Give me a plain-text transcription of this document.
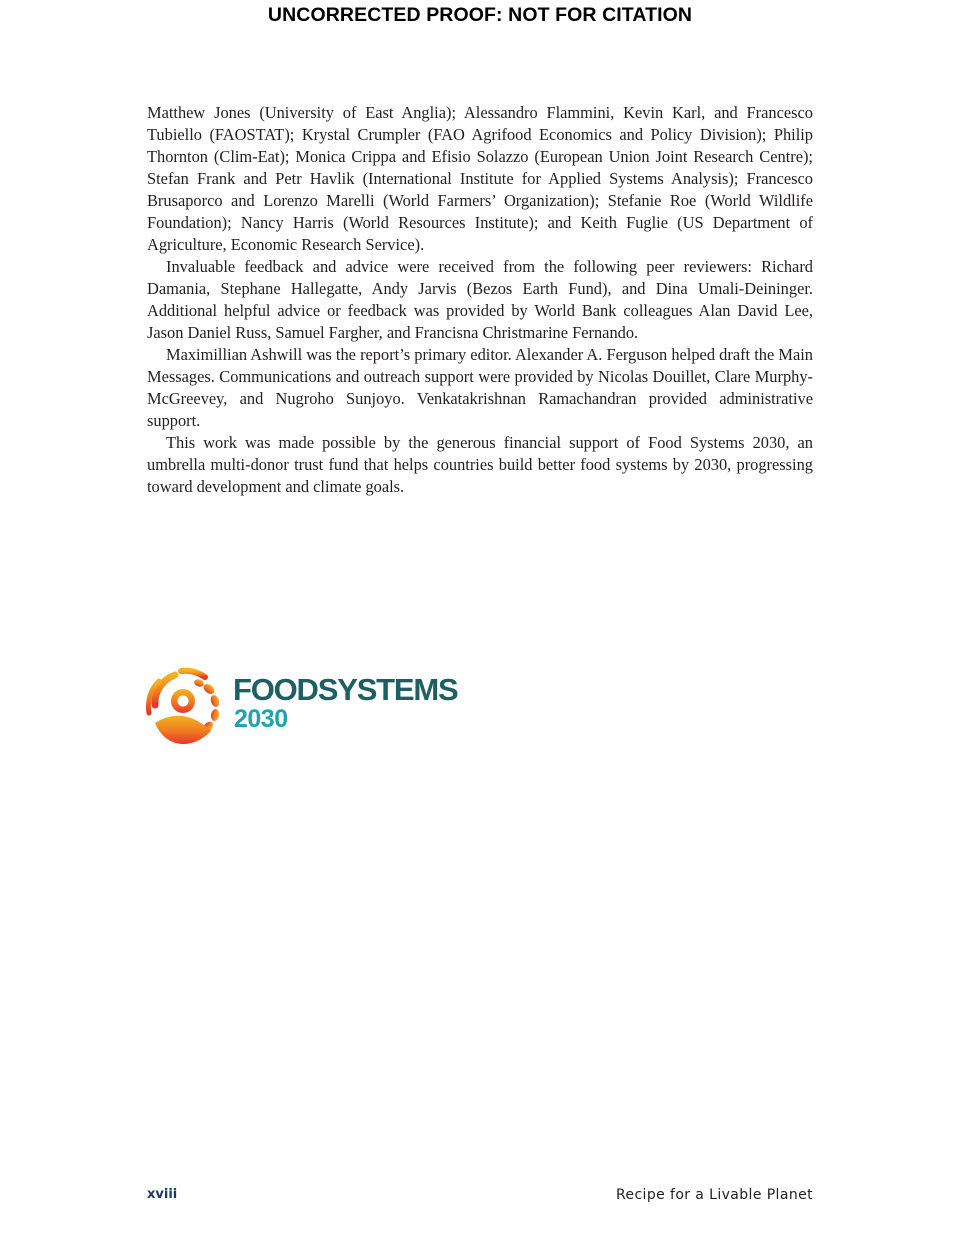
UNCORRECTED PROOF: NOT FOR CITATION

Matthew Jones (University of East Anglia); Alessandro Flammini, Kevin Karl, and Francesco Tubiello (FAOSTAT); Krystal Crumpler (FAO Agrifood Economics and Policy Division); Philip Thornton (Clim-Eat); Monica Crippa and Efisio Solazzo (European Union Joint Research Centre); Stefan Frank and Petr Havlik (International Institute for Applied Systems Analysis); Francesco Brusaporco and Lorenzo Marelli (World Farmers’ Organization); Stefanie Roe (World Wildlife Foundation); Nancy Harris (World Resources Institute); and Keith Fuglie (US Department of Agriculture, Economic Research Service).

Invaluable feedback and advice were received from the following peer reviewers: Richard Damania, Stephane Hallegatte, Andy Jarvis (Bezos Earth Fund), and Dina Umali-Deininger. Additional helpful advice or feedback was provided by World Bank colleagues Alan David Lee, Jason Daniel Russ, Samuel Fargher, and Francisna Christmarine Fernando.

Maximillian Ashwill was the report’s primary editor. Alexander A. Ferguson helped draft the Main Messages. Communications and outreach support were provided by Nicolas Douillet, Clare Murphy-McGreevey, and Nugroho Sunjoyo. Venkatakrishnan Ramachandran provided administrative support.

This work was made possible by the generous financial support of Food Systems 2030, an umbrella multi-donor trust fund that helps countries build better food systems by 2030, progressing toward development and climate goals.

FOODSYSTEMS
2030
xviii	Recipe for a Livable Planet
